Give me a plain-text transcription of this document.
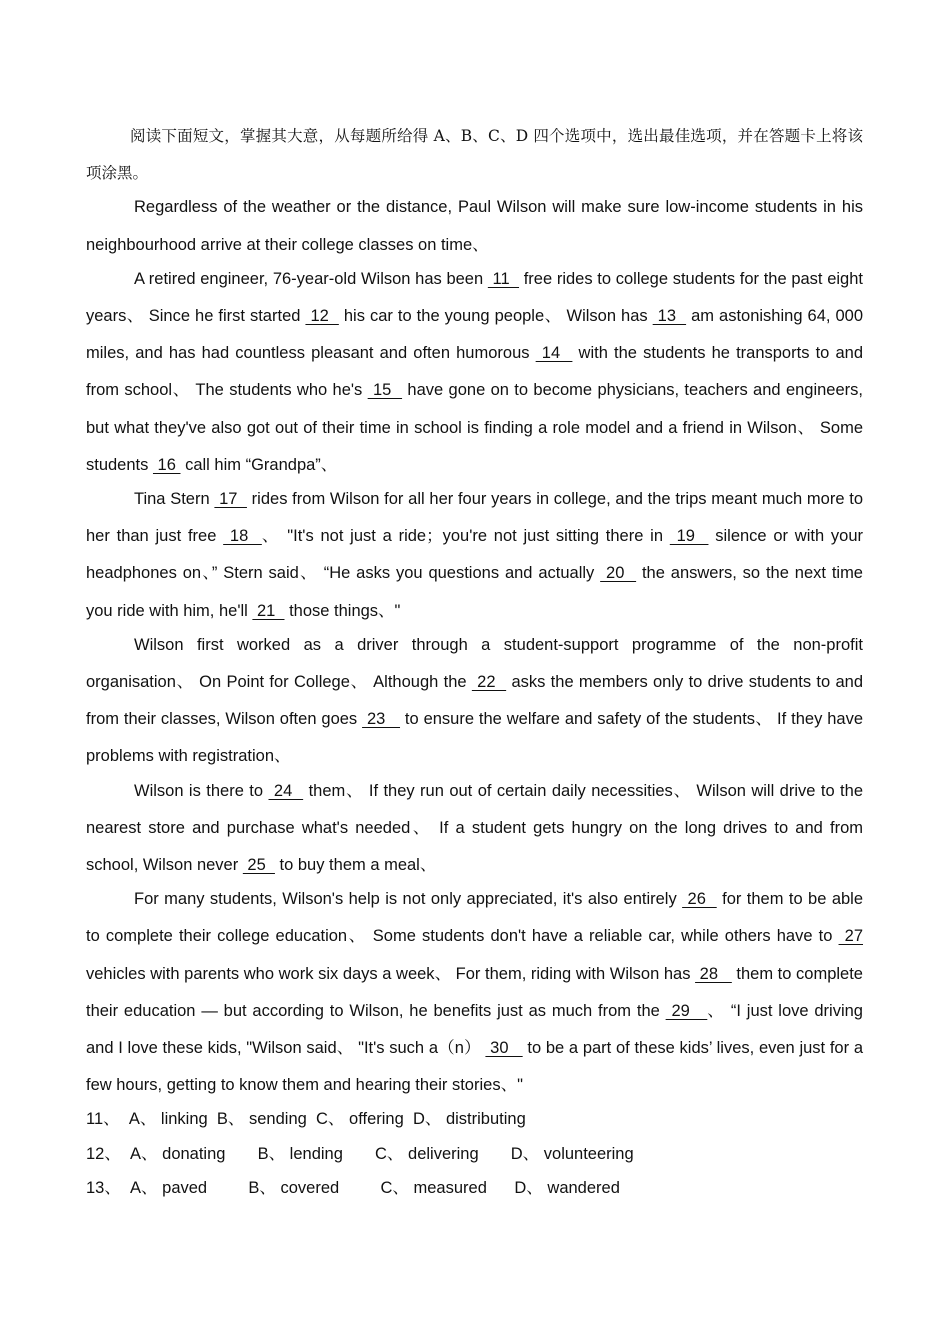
阅读下面短文，掌握其大意，从每题所给得 A、B、C、D 四个选项中，选出最佳选项，并在答题卡上将该项涂黑。

Regardless of the weather or the distance, Paul Wilson will make sure low-income students in his neighbourhood arrive at their college classes on time、

A retired engineer, 76-year-old Wilson has been  11   free rides to college students for the past eight years、 Since he first started  12   his car to the young people、 Wilson has  13   am astonishing 64, 000 miles, and has had countless pleasant and often humorous  14   with the students he transports to and from school、 The students who he's  15   have gone on to become physicians, teachers and engineers, but what they've also got out of their time in school is finding a role model and a friend in Wilson、 Some students  16  call him “Grandpa”、

Tina Stern  17   rides from Wilson for all her four years in college, and the trips meant much more to her than just free  18  、 "It's not just a ride；you're not just sitting there in  19   silence or with your headphones on、” Stern said、 “He asks you questions and actually  20   the answers, so the next time you ride with him, he'll  21   those things、"

Wilson first worked as a driver through a student-support programme of the non-profit organisation、 On Point for College、 Although the  22   asks the members only to drive students to and from their classes, Wilson often goes  23    to ensure the welfare and safety of the students、 If they have problems with registration、

Wilson is there to  24   them、 If they run out of certain daily necessities、 Wilson will drive to the nearest store and purchase what's needed、 If a student gets hungry on the long drives to and from school, Wilson never  25   to buy them a meal、

For many students, Wilson's help is not only appreciated, it's also entirely  26   for them to be able to complete their college education、 Some students don't have a reliable car, while others have to  27 vehicles with parents who work six days a week、 For them, riding with Wilson has  28    them to complete their education — but according to Wilson, he benefits just as much from the  29   、 “I just love driving and I love these kids, "Wilson said、 "It's such a（n）  30    to be a part of these kids’ lives, even just for a few hours, getting to know them and hearing their stories、"

11、 A、 linking B、 sending C、 offering D、 distributing
12、 A、 donating B、 lending C、 delivering D、 volunteering
13、 A、 paved	B、 covered	C、 measured D、 wandered
